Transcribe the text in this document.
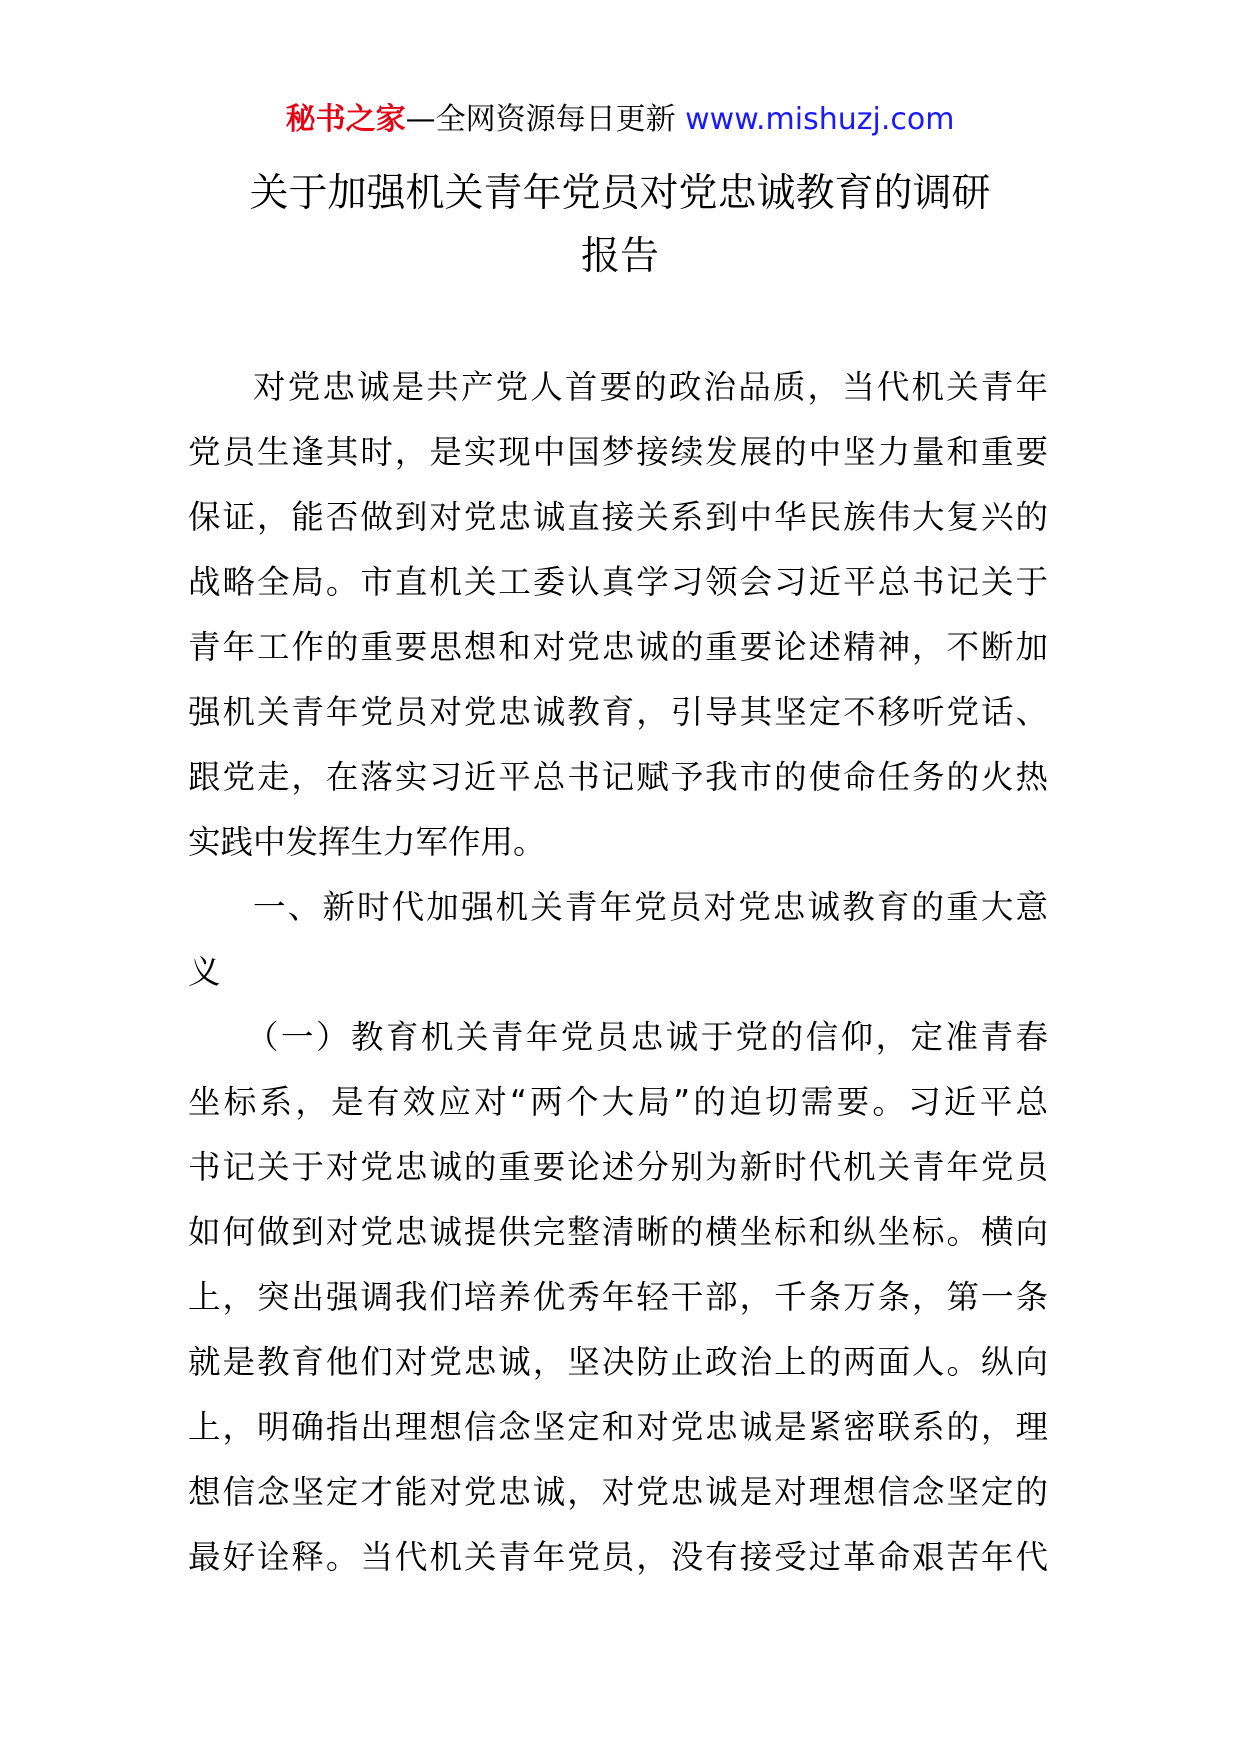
秘书之家—全网资源每日更新 www.mishuzj.com
关于加强机关青年党员对党忠诚教育的调研
报告
对党忠诚是共产党人首要的政治品质，当代机关青年
党员生逢其时，是实现中国梦接续发展的中坚力量和重要
保证，能否做到对党忠诚直接关系到中华民族伟大复兴的
战略全局。市直机关工委认真学习领会习近平总书记关于
青年工作的重要思想和对党忠诚的重要论述精神，不断加
强机关青年党员对党忠诚教育，引导其坚定不移听党话、
跟党走，在落实习近平总书记赋予我市的使命任务的火热
实践中发挥生力军作用。
一、新时代加强机关青年党员对党忠诚教育的重大意
义
（一）教育机关青年党员忠诚于党的信仰，定准青春
坐标系，是有效应对“两个大局”的迫切需要。习近平总
书记关于对党忠诚的重要论述分别为新时代机关青年党员
如何做到对党忠诚提供完整清晰的横坐标和纵坐标。横向
上，突出强调我们培养优秀年轻干部，千条万条，第一条
就是教育他们对党忠诚，坚决防止政治上的两面人。纵向
上，明确指出理想信念坚定和对党忠诚是紧密联系的，理
想信念坚定才能对党忠诚，对党忠诚是对理想信念坚定的
最好诠释。当代机关青年党员，没有接受过革命艰苦年代
